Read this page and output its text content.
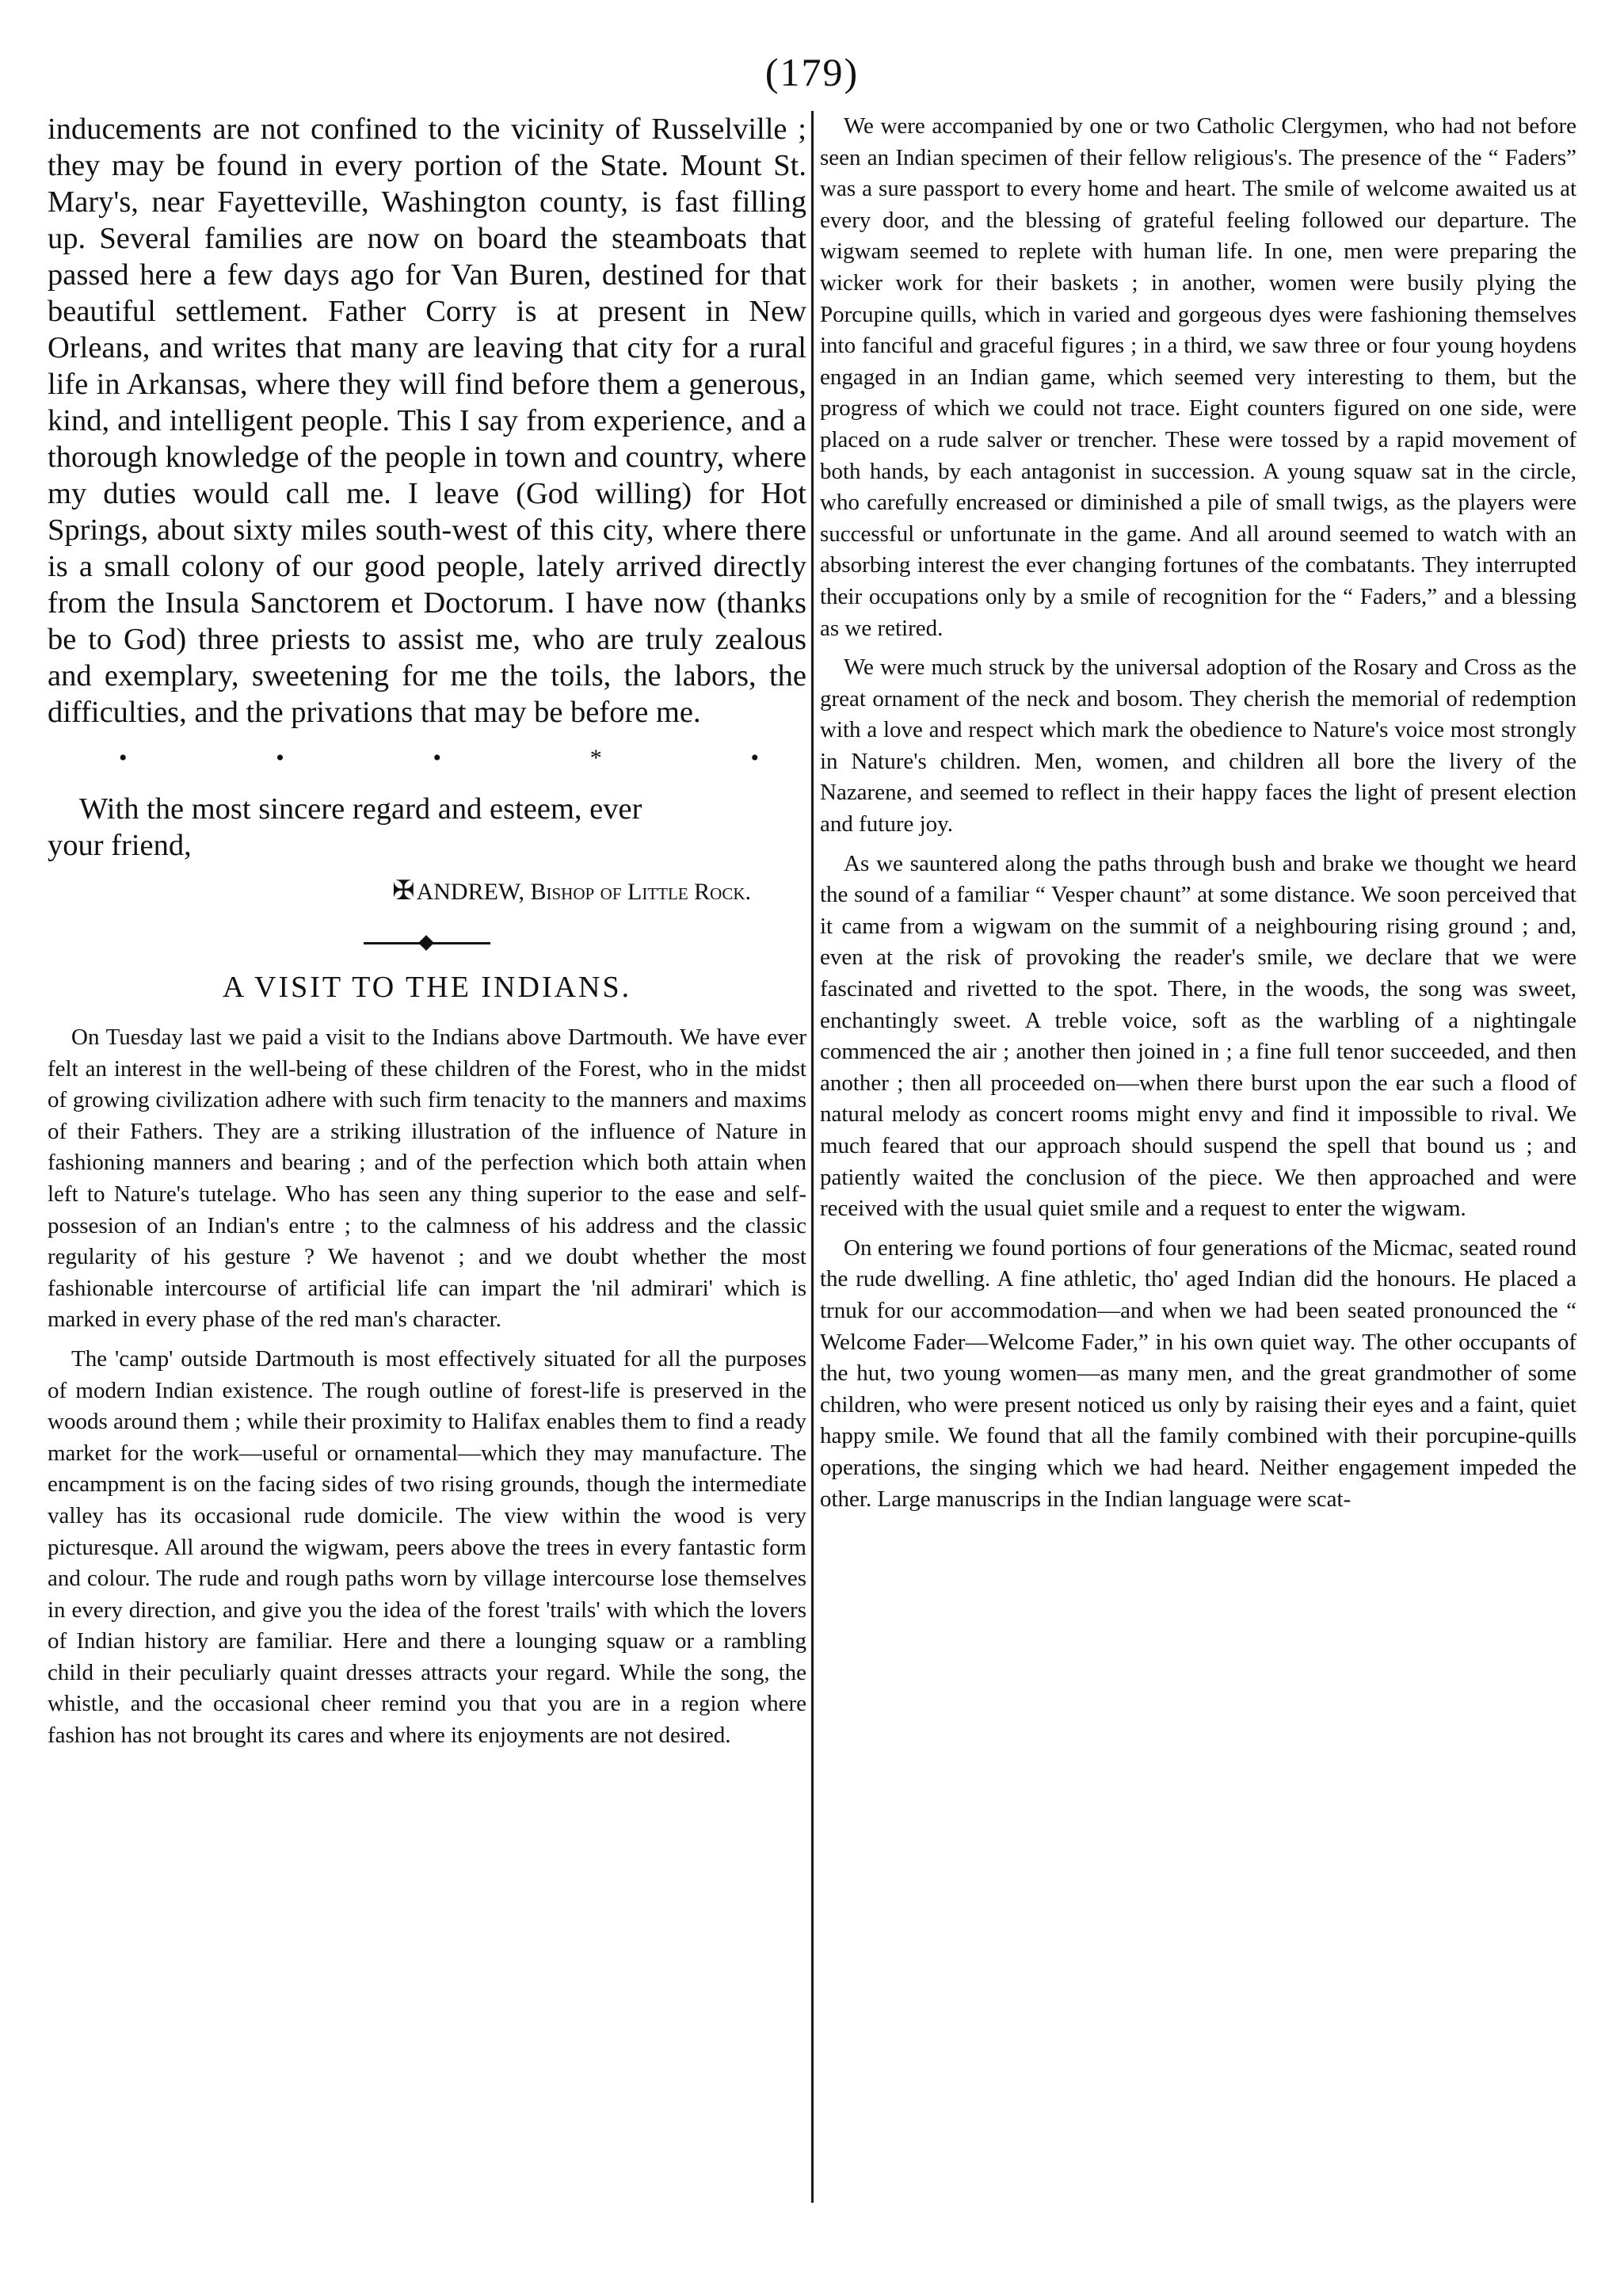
(179)

inducements are not confined to the vicinity of Russelville ; they may be found in every portion of the State. Mount St. Mary's, near Fayetteville, Washington county, is fast filling up. Several families are now on board the steamboats that passed here a few days ago for Van Buren, destined for that beautiful settlement. Father Corry is at present in New Orleans, and writes that many are leaving that city for a rural life in Arkansas, where they will find before them a generous, kind, and intelligent people. This I say from experience, and a thorough knowledge of the people in town and country, where my duties would call me. I leave (God willing) for Hot Springs, about sixty miles south-west of this city, where there is a small colony of our good people, lately arrived directly from the Insula Sanctorem et Doctorum. I have now (thanks be to God) three priests to assist me, who are truly zealous and exemplary, sweetening for me the toils, the labors, the difficulties, and the privations that may be before me.

•	•	•	*	•

With the most sincere regard and esteem, ever

your friend,

✠ANDREW, Bishop of Little Rock.
A VISIT TO THE INDIANS.

On Tuesday last we paid a visit to the Indians above Dartmouth. We have ever felt an interest in the well-being of these children of the Forest, who in the midst of growing civilization adhere with such firm tenacity to the manners and maxims of their Fathers. They are a striking illustration of the influence of Nature in fashioning manners and bearing ; and of the perfection which both attain when left to Nature's tutelage. Who has seen any thing superior to the ease and self-possesion of an Indian's entre ; to the calmness of his address and the classic regularity of his gesture ? We havenot ; and we doubt whether the most fashionable intercourse of artificial life can impart the 'nil admirari' which is marked in every phase of the red man's character.

The 'camp' outside Dartmouth is most effectively situated for all the purposes of modern Indian existence. The rough outline of forest-life is preserved in the woods around them ; while their proximity to Halifax enables them to find a ready market for the work—useful or ornamental—which they may manufacture. The encampment is on the facing sides of two rising grounds, though the intermediate valley has its occasional rude domicile. The view within the wood is very picturesque. All around the wigwam, peers above the trees in every fantastic form and colour. The rude and rough paths worn by village intercourse lose themselves in every direction, and give you the idea of the forest 'trails' with which the lovers of Indian history are familiar. Here and there a lounging squaw or a rambling child in their peculiarly quaint dresses attracts your regard. While the song, the whistle, and the occasional cheer remind you that you are in a region where fashion has not brought its cares and where its enjoyments are not desired.

We were accompanied by one or two Catholic Clergymen, who had not before seen an Indian specimen of their fellow religious's. The presence of the “ Faders” was a sure passport to every home and heart. The smile of welcome awaited us at every door, and the blessing of grateful feeling followed our departure. The wigwam seemed to replete with human life. In one, men were preparing the wicker work for their baskets ; in another, women were busily plying the Porcupine quills, which in varied and gorgeous dyes were fashioning themselves into fanciful and graceful figures ; in a third, we saw three or four young hoydens engaged in an Indian game, which seemed very interesting to them, but the progress of which we could not trace. Eight counters figured on one side, were placed on a rude salver or trencher. These were tossed by a rapid movement of both hands, by each antagonist in succession. A young squaw sat in the circle, who carefully encreased or diminished a pile of small twigs, as the players were successful or unfortunate in the game. And all around seemed to watch with an absorbing interest the ever changing fortunes of the combatants. They interrupted their occupations only by a smile of recognition for the “ Faders,” and a blessing as we retired.

We were much struck by the universal adoption of the Rosary and Cross as the great ornament of the neck and bosom. They cherish the memorial of redemption with a love and respect which mark the obedience to Nature's voice most strongly in Nature's children. Men, women, and children all bore the livery of the Nazarene, and seemed to reflect in their happy faces the light of present election and future joy.

As we sauntered along the paths through bush and brake we thought we heard the sound of a familiar “ Vesper chaunt” at some distance. We soon perceived that it came from a wigwam on the summit of a neighbouring rising ground ; and, even at the risk of provoking the reader's smile, we declare that we were fascinated and rivetted to the spot. There, in the woods, the song was sweet, enchantingly sweet. A treble voice, soft as the warbling of a nightingale commenced the air ; another then joined in ; a fine full tenor succeeded, and then another ; then all proceeded on—when there burst upon the ear such a flood of natural melody as concert rooms might envy and find it impossible to rival. We much feared that our approach should suspend the spell that bound us ; and patiently waited the conclusion of the piece. We then approached and were received with the usual quiet smile and a request to enter the wigwam.

On entering we found portions of four generations of the Micmac, seated round the rude dwelling. A fine athletic, tho' aged Indian did the honours. He placed a trnuk for our accommodation—and when we had been seated pronounced the “ Welcome Fader—Welcome Fader,” in his own quiet way. The other occupants of the hut, two young women—as many men, and the great grandmother of some children, who were present noticed us only by raising their eyes and a faint, quiet happy smile. We found that all the family combined with their porcupine-quills operations, the singing which we had heard. Neither engagement impeded the other. Large manuscrips in the Indian language were scat-
